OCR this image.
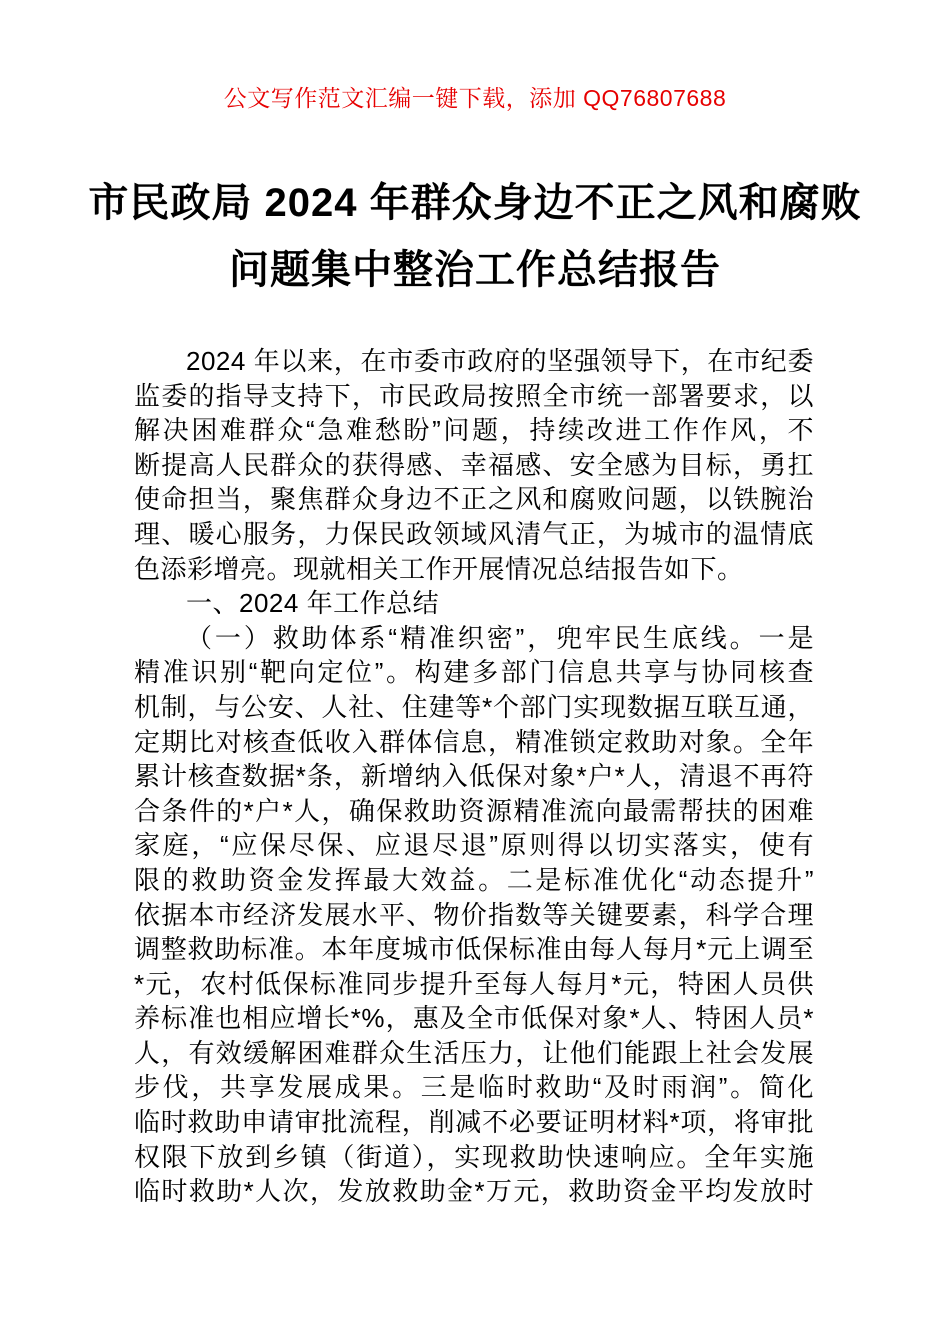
公文写作范文汇编一键下载，添加 QQ76807688
市民政局 2024 年群众身边不正之风和腐败
问题集中整治工作总结报告
2024 年以来，在市委市政府的坚强领导下，在市纪委
监委的指导支持下，市民政局按照全市统一部署要求，以
解决困难群众“急难愁盼”问题，持续改进工作作风，不
断提高人民群众的获得感、幸福感、安全感为目标，勇扛
使命担当，聚焦群众身边不正之风和腐败问题，以铁腕治
理、暖心服务，力保民政领域风清气正，为城市的温情底
色添彩增亮。现就相关工作开展情况总结报告如下。
一、2024 年工作总结
（一）救助体系“精准织密”，兜牢民生底线。一是
精准识别“靶向定位”。构建多部门信息共享与协同核查
机制，与公安、人社、住建等*个部门实现数据互联互通，
定期比对核查低收入群体信息，精准锁定救助对象。全年
累计核查数据*条，新增纳入低保对象*户*人，清退不再符
合条件的*户*人，确保救助资源精准流向最需帮扶的困难
家庭，“应保尽保、应退尽退”原则得以切实落实，使有
限的救助资金发挥最大效益。二是标准优化“动态提升”
依据本市经济发展水平、物价指数等关键要素，科学合理
调整救助标准。本年度城市低保标准由每人每月*元上调至
*元，农村低保标准同步提升至每人每月*元，特困人员供
养标准也相应增长*%，惠及全市低保对象*人、特困人员*
人，有效缓解困难群众生活压力，让他们能跟上社会发展
步伐，共享发展成果。三是临时救助“及时雨润”。简化
临时救助申请审批流程，削减不必要证明材料*项，将审批
权限下放到乡镇（街道），实现救助快速响应。全年实施
临时救助*人次，发放救助金*万元，救助资金平均发放时
